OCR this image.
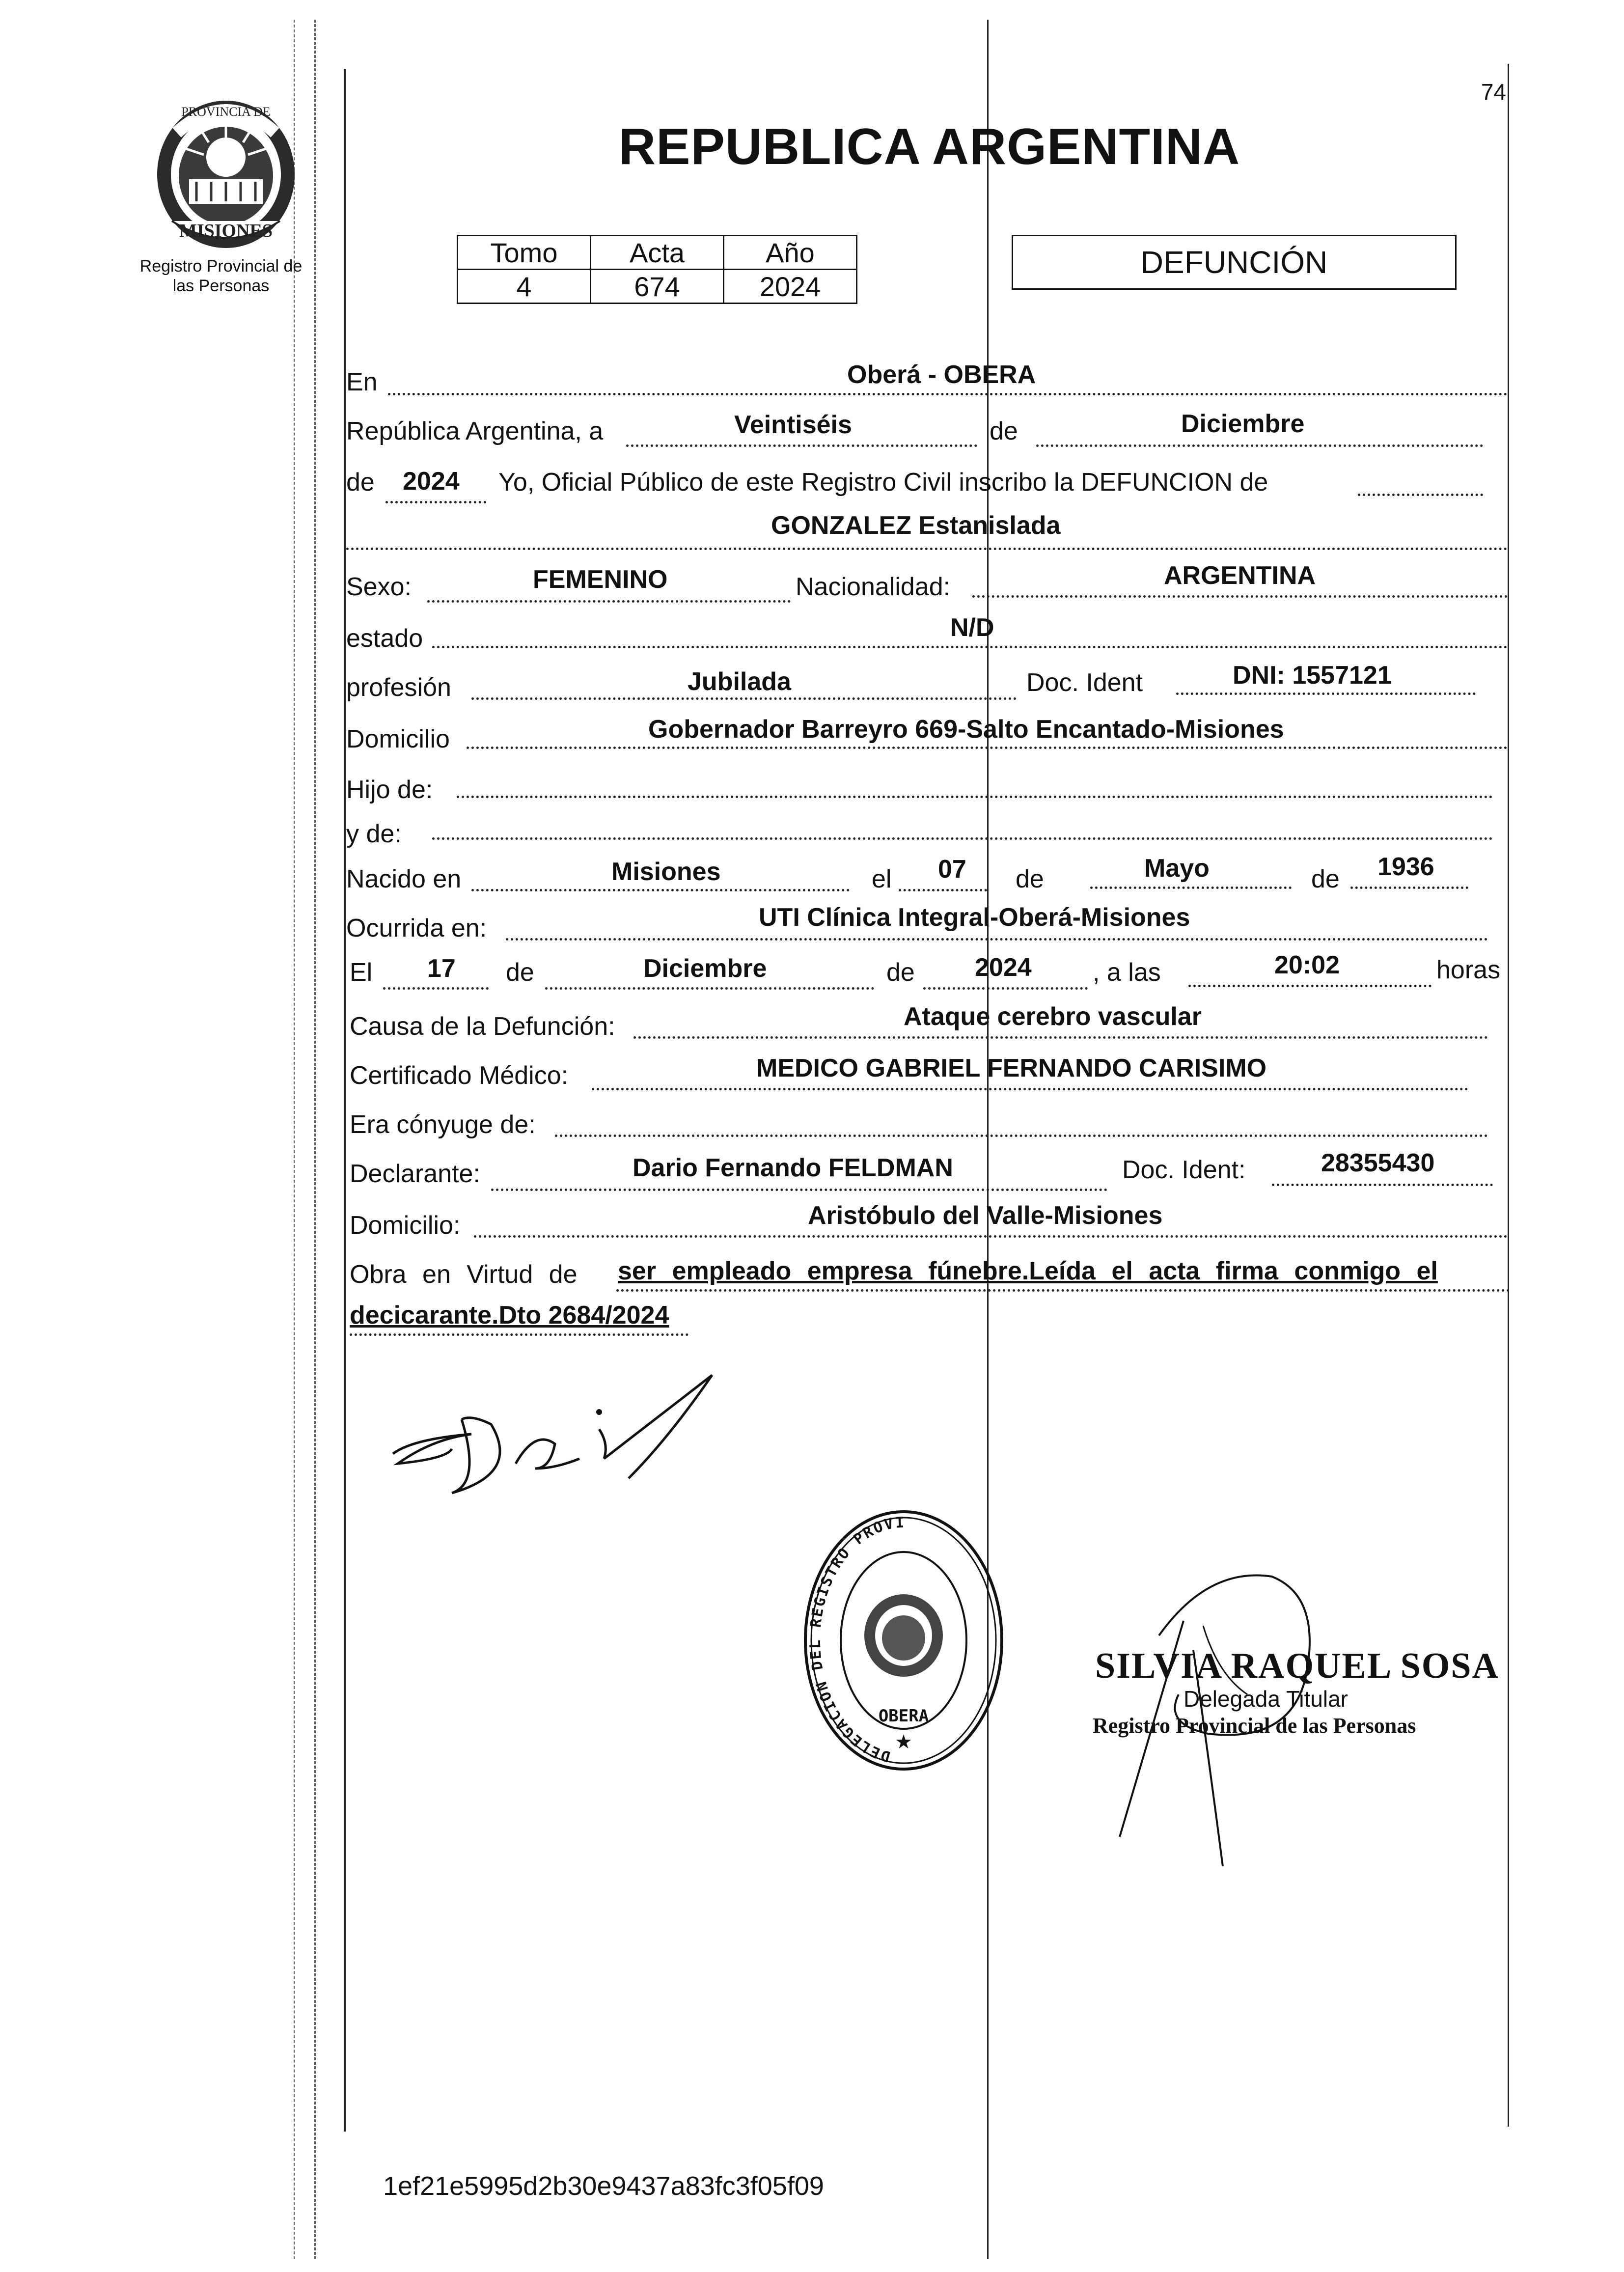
PROVINCIA DE
MISIONES
Registro Provincial de
las Personas
74
REPUBLICA ARGENTINA
Tomo	Acta	Año
4	674	2024
DEFUNCIÓN
En	Oberá - OBERA
República Argentina, a	Veintiséis	de	Diciembre
de 2024 Yo, Oficial Público de este Registro Civil inscribo la DEFUNCION de
GONZALEZ Estanislada
Sexo:	FEMENINO	Nacionalidad:	ARGENTINA
estado	N/D
profesión	Jubilada	Doc. Ident	DNI: 1557121
Domicilio	Gobernador Barreyro 669-Salto Encantado-Misiones
Hijo de:
y de:
Nacido en	Misiones	el 07 de	Mayo	de 1936
Ocurrida en:	UTI Clínica Integral-Oberá-Misiones
El 17 de	Diciembre	de 2024 , a las	20:02	horas
Causa de la Defunción:	Ataque cerebro vascular
Certificado Médico:	MEDICO GABRIEL FERNANDO CARISIMO
Era cónyuge de:
Declarante:	Dario Fernando FELDMAN	Doc. Ident:	28355430
Domicilio:	Aristóbulo del Valle-Misiones
Obra en Virtud de ser empleado empresa fúnebre.Leída el acta firma conmigo el
decicarante.Dto 2684/2024
DELEGACION DEL REGISTRO PROVI
OBERA
★
SILVIA RAQUEL SOSA
Delegada Titular
Registro Provincial de las Personas
1ef21e5995d2b30e9437a83fc3f05f09
